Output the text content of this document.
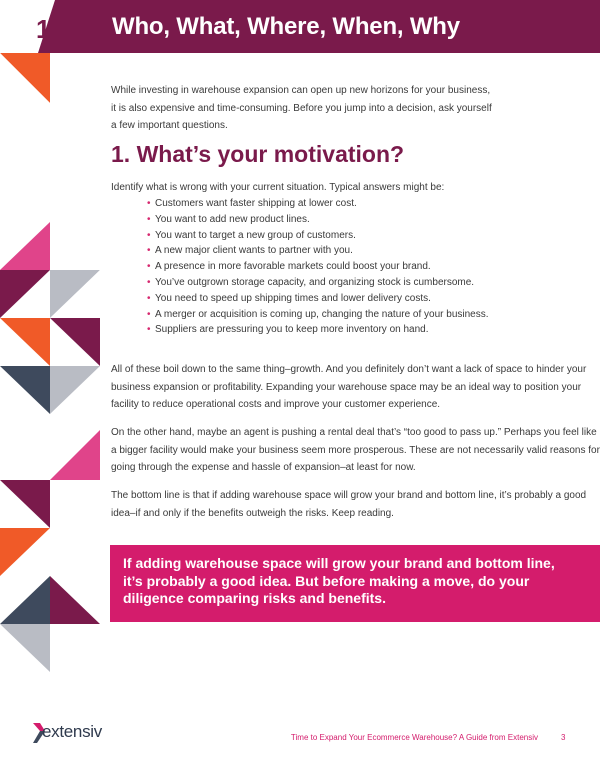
1	Who, What, Where, When, Why

While investing in warehouse expansion can open up new horizons for your business,
it is also expensive and time-consuming. Before you jump into a decision, ask yourself
a few important questions.

1. What’s your motivation?

Identify what is wrong with your current situation. Typical answers might be:

• Customers want faster shipping at lower cost.
• You want to add new product lines.
• You want to target a new group of customers.
• A new major client wants to partner with you.
• A presence in more favorable markets could boost your brand.
• You’ve outgrown storage capacity, and organizing stock is cumbersome.
• You need to speed up shipping times and lower delivery costs.
• A merger or acquisition is coming up, changing the nature of your business.
• Suppliers are pressuring you to keep more inventory on hand.

All of these boil down to the same thing–growth. And you definitely don’t want a lack of space to hinder your
business expansion or profitability. Expanding your warehouse space may be an ideal way to position your
facility to reduce operational costs and improve your customer experience.

On the other hand, maybe an agent is pushing a rental deal that’s “too good to pass up.” Perhaps you feel like
a bigger facility would make your business seem more prosperous. These are not necessarily valid reasons for
going through the expense and hassle of expansion–at least for now.

The bottom line is that if adding warehouse space will grow your brand and bottom line, it’s probably a good
idea–if and only if the benefits outweigh the risks. Keep reading.

If adding warehouse space will grow your brand and bottom line,
it’s probably a good idea. But before making a move, do your
diligence comparing risks and benefits.

extensiv	Time to Expand Your Ecommerce Warehouse? A Guide from Extensiv	3
